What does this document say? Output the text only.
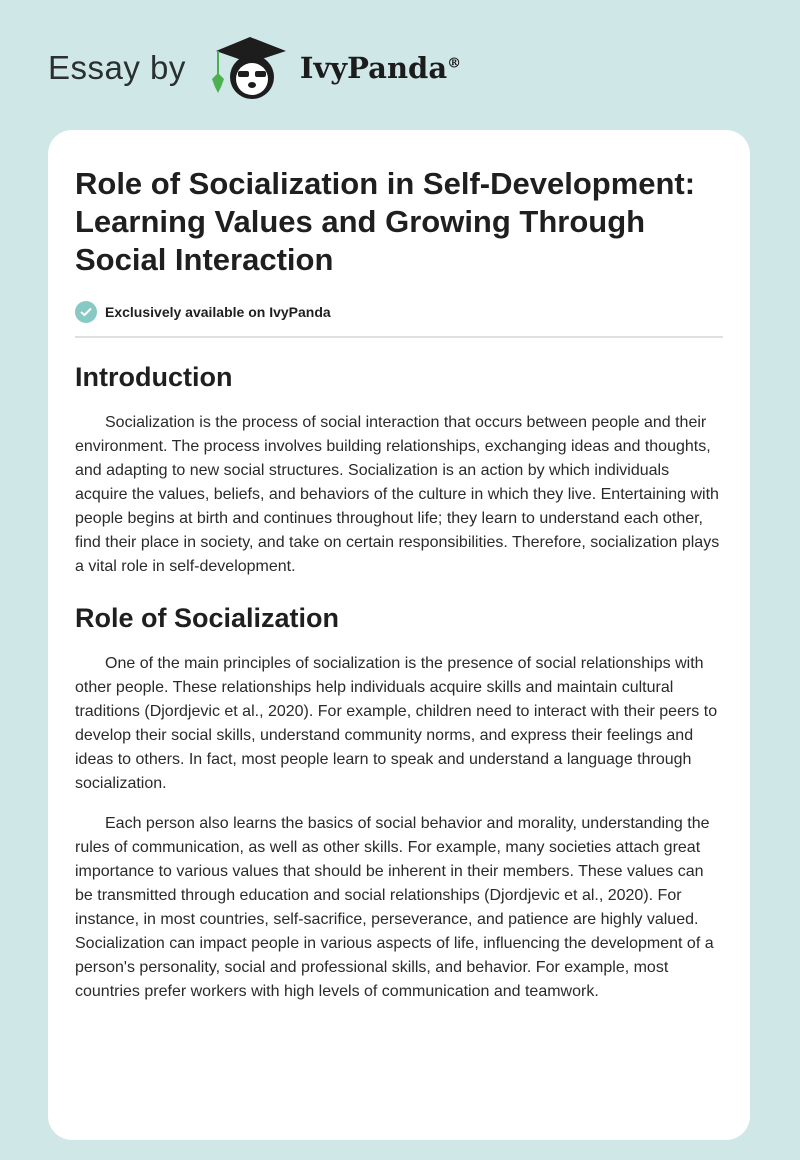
Essay by	IvyPanda®
Role of Socialization in Self-Development: Learning Values and Growing Through Social Interaction
Exclusively available on IvyPanda
Introduction

Socialization is the process of social interaction that occurs between people and their environment. The process involves building relationships, exchanging ideas and thoughts, and adapting to new social structures. Socialization is an action by which individuals acquire the values, beliefs, and behaviors of the culture in which they live. Entertaining with people begins at birth and continues throughout life; they learn to understand each other, find their place in society, and take on certain responsibilities. Therefore, socialization plays a vital role in self-development.

Role of Socialization

One of the main principles of socialization is the presence of social relationships with other people. These relationships help individuals acquire skills and maintain cultural traditions (Djordjevic et al., 2020). For example, children need to interact with their peers to develop their social skills, understand community norms, and express their feelings and ideas to others. In fact, most people learn to speak and understand a language through socialization.

Each person also learns the basics of social behavior and morality, understanding the rules of communication, as well as other skills. For example, many societies attach great importance to various values that should be inherent in their members. These values can be transmitted through education and social relationships (Djordjevic et al., 2020). For instance, in most countries, self-sacrifice, perseverance, and patience are highly valued. Socialization can impact people in various aspects of life, influencing the development of a person's personality, social and professional skills, and behavior. For example, most countries prefer workers with high levels of communication and teamwork.
